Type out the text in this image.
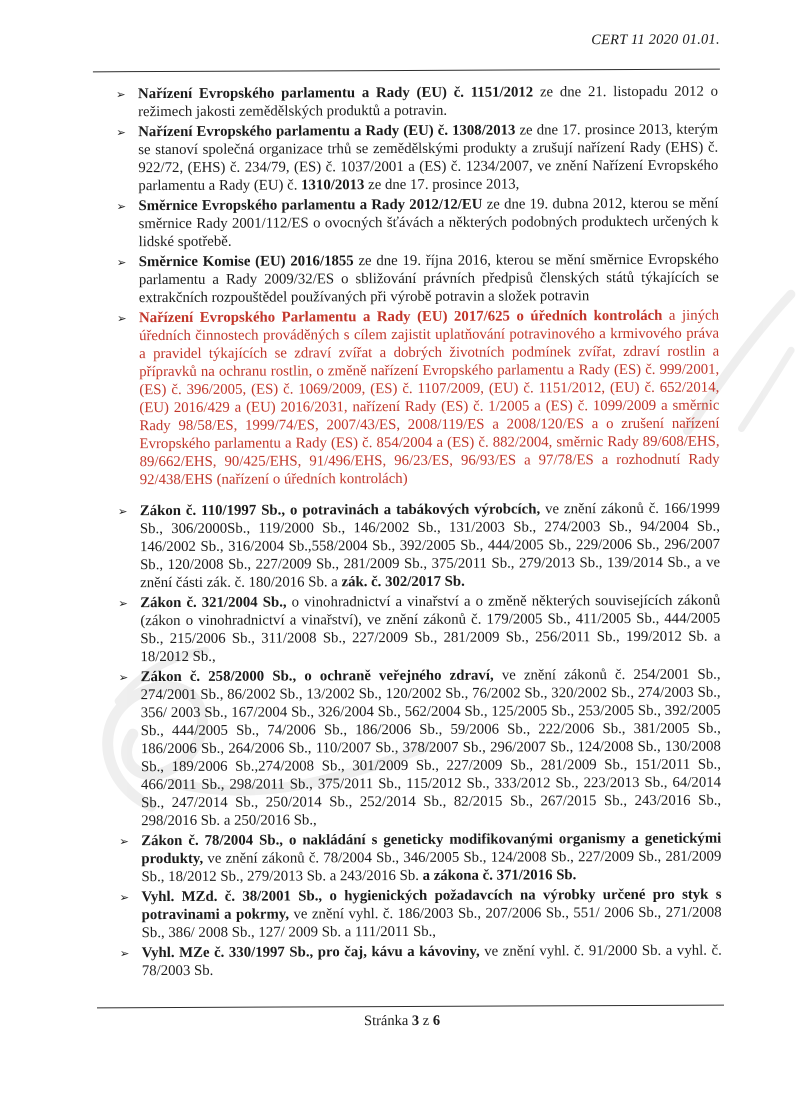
CERT 11 2020 01.01.
➢ Nařízení Evropského parlamentu a Rady (EU) č. 1151/2012 ze dne 21. listopadu 2012 o režimech jakosti zemědělských produktů a potravin.
➢ Nařízení Evropského parlamentu a Rady (EU) č. 1308/2013 ze dne 17. prosince 2013, kterým se stanoví společná organizace trhů se zemědělskými produkty a zrušují nařízení Rady (EHS) č. 922/72, (EHS) č. 234/79, (ES) č. 1037/2001 a (ES) č. 1234/2007, ve znění Nařízení Evropského parlamentu a Rady (EU) č. 1310/2013 ze dne 17. prosince 2013,
➢ Směrnice Evropského parlamentu a Rady 2012/12/EU ze dne 19. dubna 2012, kterou se mění směrnice Rady 2001/112/ES o ovocných šťávách a některých podobných produktech určených k lidské spotřebě.
➢ Směrnice Komise (EU) 2016/1855 ze dne 19. října 2016, kterou se mění směrnice Evropského parlamentu a Rady 2009/32/ES o sbližování právních předpisů členských států týkajících se extrakčních rozpouštědel používaných při výrobě potravin a složek potravin
➢ Nařízení Evropského Parlamentu a Rady (EU) 2017/625 o úředních kontrolách a jiných úředních činnostech prováděných s cílem zajistit uplatňování potravinového a krmivového práva a pravidel týkajících se zdraví zvířat a dobrých životních podmínek zvířat, zdraví rostlin a přípravků na ochranu rostlin, o změně nařízení Evropského parlamentu a Rady (ES) č. 999/2001, (ES) č. 396/2005, (ES) č. 1069/2009, (ES) č. 1107/2009, (EU) č. 1151/2012, (EU) č. 652/2014, (EU) 2016/429 a (EU) 2016/2031, nařízení Rady (ES) č. 1/2005 a (ES) č. 1099/2009 a směrnic Rady 98/58/ES, 1999/74/ES, 2007/43/ES, 2008/119/ES a 2008/120/ES a o zrušení nařízení Evropského parlamentu a Rady (ES) č. 854/2004 a (ES) č. 882/2004, směrnic Rady 89/608/EHS, 89/662/EHS, 90/425/EHS, 91/496/EHS, 96/23/ES, 96/93/ES a 97/78/ES a rozhodnutí Rady 92/438/EHS (nařízení o úředních kontrolách)
➢ Zákon č. 110/1997 Sb., o potravinách a tabákových výrobcích, ve znění zákonů č. 166/1999 Sb., 306/2000Sb., 119/2000 Sb., 146/2002 Sb., 131/2003 Sb., 274/2003 Sb., 94/2004 Sb., 146/2002 Sb., 316/2004 Sb.,558/2004 Sb., 392/2005 Sb., 444/2005 Sb., 229/2006 Sb., 296/2007 Sb., 120/2008 Sb., 227/2009 Sb., 281/2009 Sb., 375/2011 Sb., 279/2013 Sb., 139/2014 Sb., a ve znění části zák. č. 180/2016 Sb. a zák. č. 302/2017 Sb.
➢ Zákon č. 321/2004 Sb., o vinohradnictví a vinařství a o změně některých souvisejících zákonů (zákon o vinohradnictví a vinařství), ve znění zákonů č. 179/2005 Sb., 411/2005 Sb., 444/2005 Sb., 215/2006 Sb., 311/2008 Sb., 227/2009 Sb., 281/2009 Sb., 256/2011 Sb., 199/2012 Sb. a 18/2012 Sb.,
➢ Zákon č. 258/2000 Sb., o ochraně veřejného zdraví, ve znění zákonů č. 254/2001 Sb., 274/2001 Sb., 86/2002 Sb., 13/2002 Sb., 120/2002 Sb., 76/2002 Sb., 320/2002 Sb., 274/2003 Sb., 356/ 2003 Sb., 167/2004 Sb., 326/2004 Sb., 562/2004 Sb., 125/2005 Sb., 253/2005 Sb., 392/2005 Sb., 444/2005 Sb., 74/2006 Sb., 186/2006 Sb., 59/2006 Sb., 222/2006 Sb., 381/2005 Sb., 186/2006 Sb., 264/2006 Sb., 110/2007 Sb., 378/2007 Sb., 296/2007 Sb., 124/2008 Sb., 130/2008 Sb., 189/2006 Sb.,274/2008 Sb., 301/2009 Sb., 227/2009 Sb., 281/2009 Sb., 151/2011 Sb., 466/2011 Sb., 298/2011 Sb., 375/2011 Sb., 115/2012 Sb., 333/2012 Sb., 223/2013 Sb., 64/2014 Sb., 247/2014 Sb., 250/2014 Sb., 252/2014 Sb., 82/2015 Sb., 267/2015 Sb., 243/2016 Sb., 298/2016 Sb. a 250/2016 Sb.,
➢ Zákon č. 78/2004 Sb., o nakládání s geneticky modifikovanými organismy a genetickými produkty, ve znění zákonů č. 78/2004 Sb., 346/2005 Sb., 124/2008 Sb., 227/2009 Sb., 281/2009 Sb., 18/2012 Sb., 279/2013 Sb. a 243/2016 Sb. a zákona č. 371/2016 Sb.
➢ Vyhl. MZd. č. 38/2001 Sb., o hygienických požadavcích na výrobky určené pro styk s potravinami a pokrmy, ve znění vyhl. č. 186/2003 Sb., 207/2006 Sb., 551/ 2006 Sb., 271/2008 Sb., 386/ 2008 Sb., 127/ 2009 Sb. a 111/2011 Sb.,
➢ Vyhl. MZe č. 330/1997 Sb., pro čaj, kávu a kávoviny, ve znění vyhl. č. 91/2000 Sb. a vyhl. č. 78/2003 Sb.
Stránka 3 z 6
